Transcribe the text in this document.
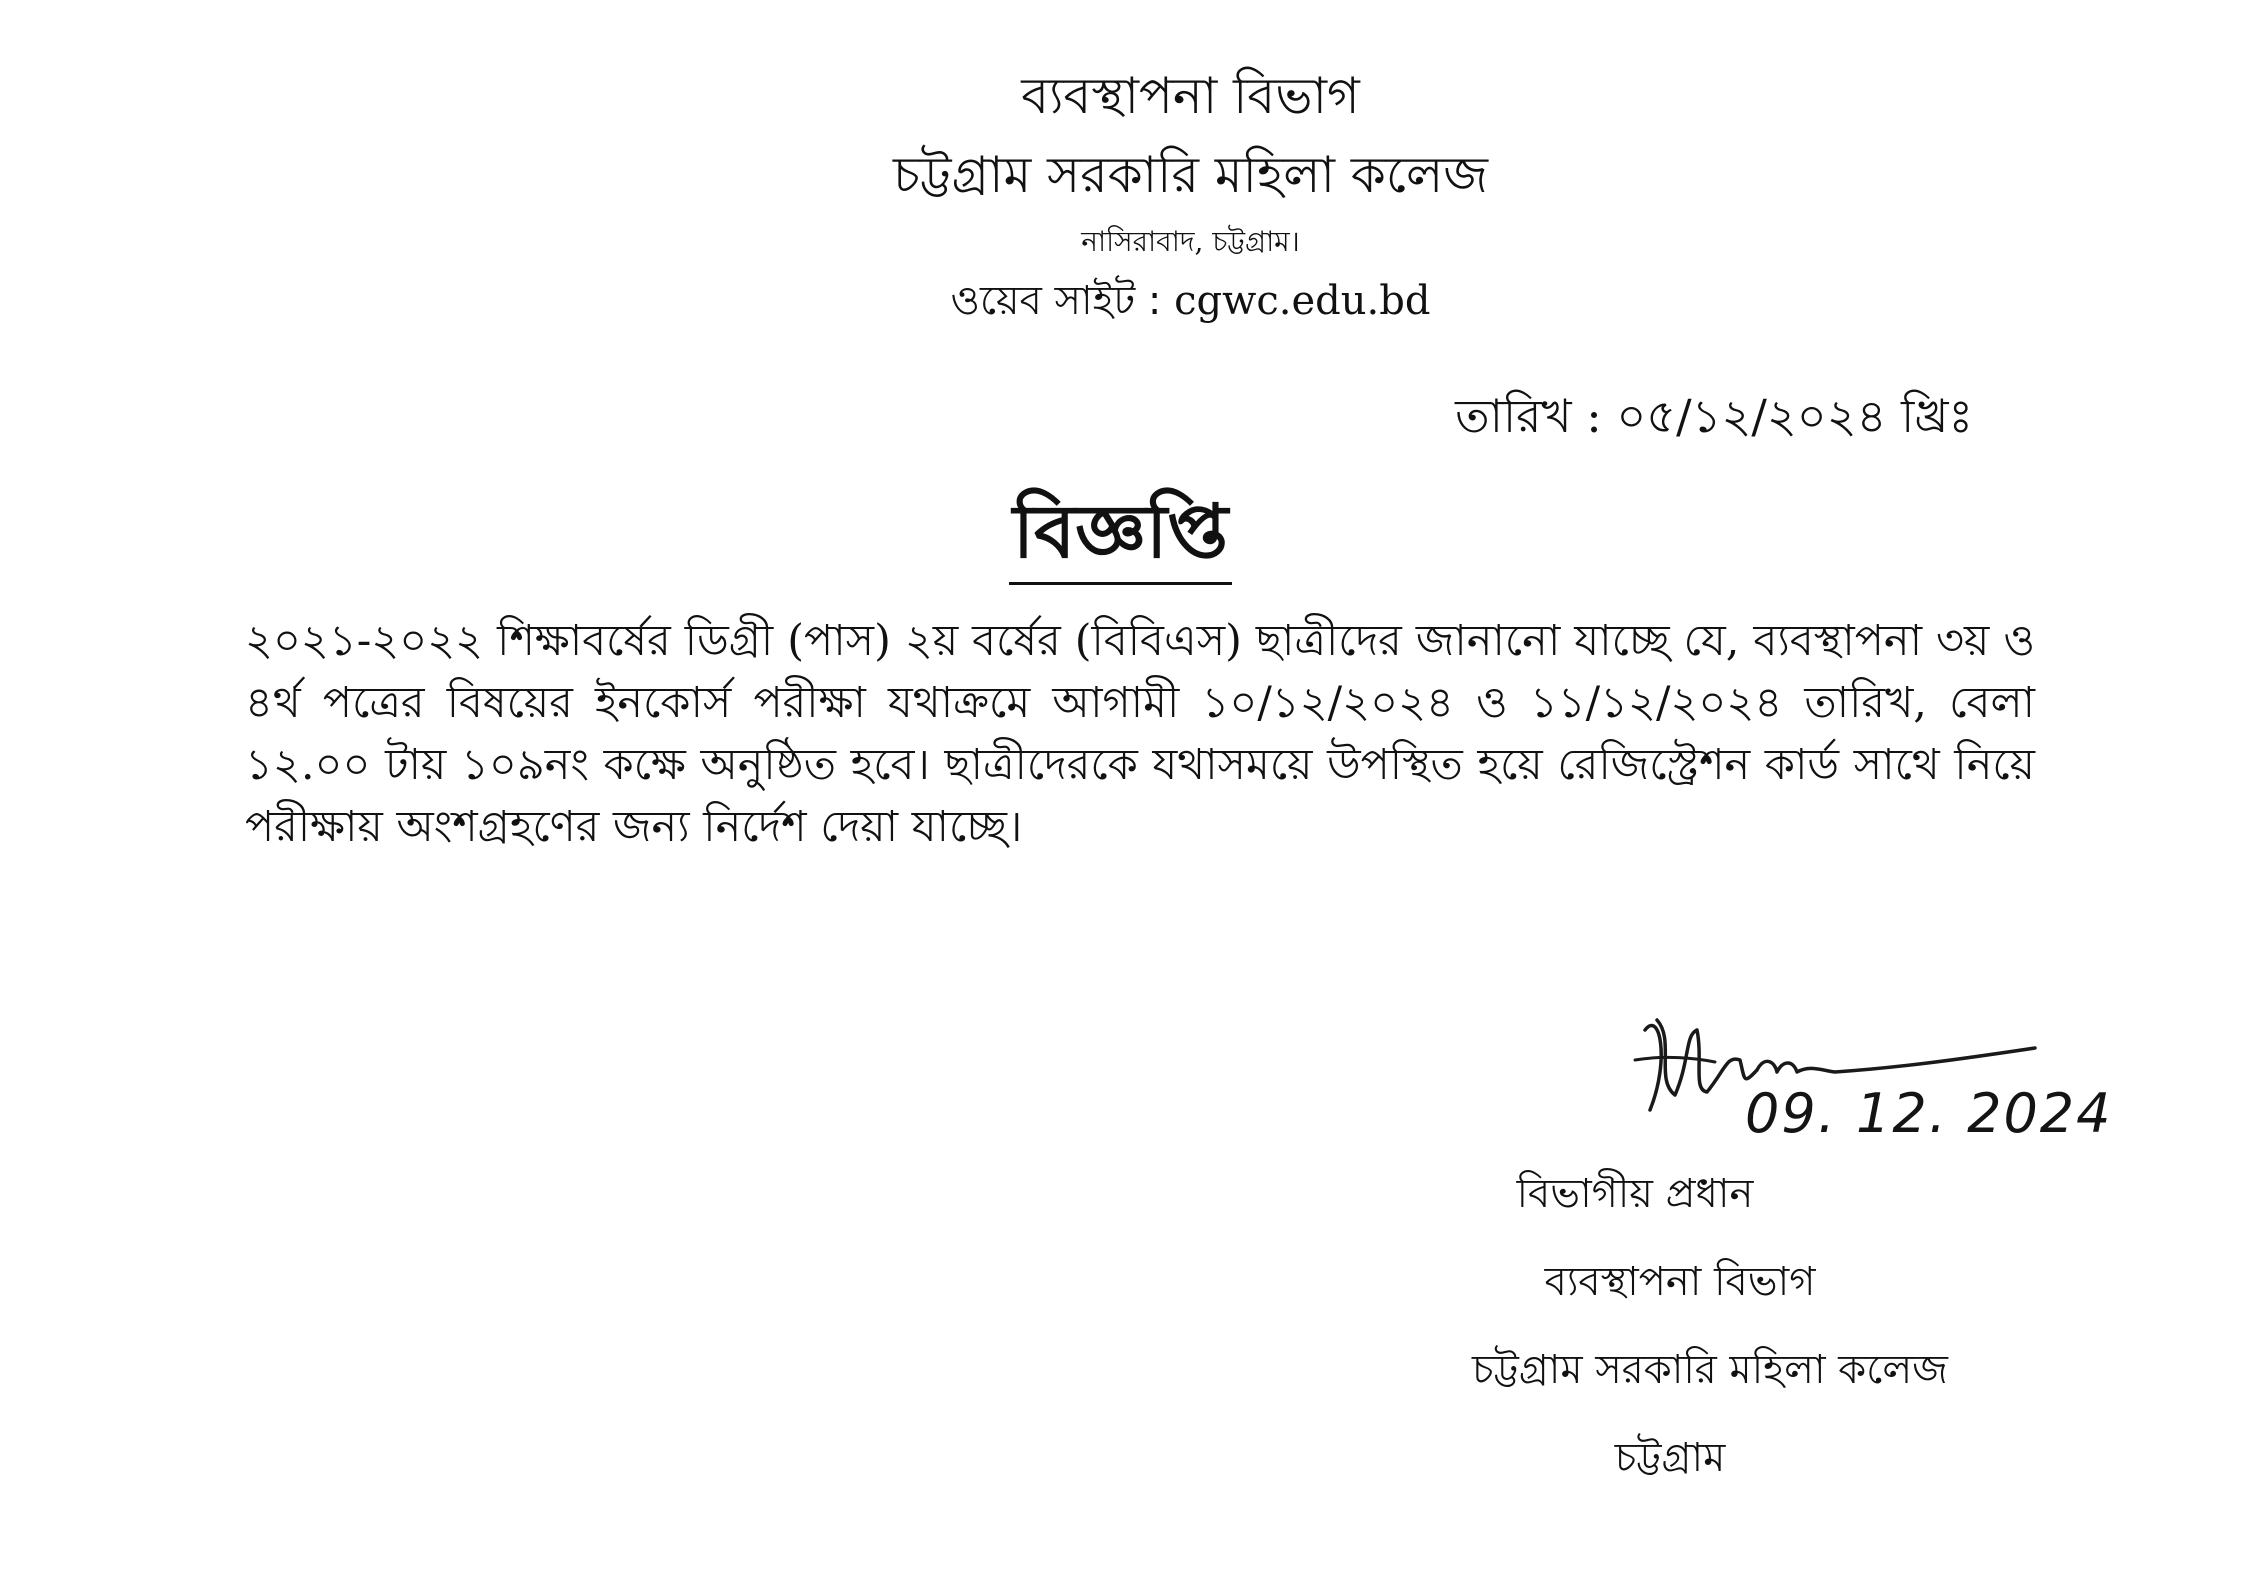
ব্যবস্থাপনা বিভাগ
চট্টগ্রাম সরকারি মহিলা কলেজ
নাসিরাবাদ, চট্টগ্রাম।
ওয়েব সাইট : cgwc.edu.bd
তারিখ : ০৫/১২/২০২৪ খ্রিঃ
বিজ্ঞপ্তি
২০২১-২০২২ শিক্ষাবর্ষের ডিগ্রী (পাস) ২য় বর্ষের (বিবিএস) ছাত্রীদের জানানো যাচ্ছে যে, ব্যবস্থাপনা ৩য় ও ৪র্থ পত্রের বিষয়ের ইনকোর্স পরীক্ষা যথাক্রমে আগামী ১০/১২/২০২৪ ও ১১/১২/২০২৪ তারিখ, বেলা ১২.০০ টায় ১০৯নং কক্ষে অনুষ্ঠিত হবে। ছাত্রীদেরকে যথাসময়ে উপস্থিত হয়ে রেজিস্ট্রেশন কার্ড সাথে নিয়ে পরীক্ষায় অংশগ্রহণের জন্য নির্দেশ দেয়া যাচ্ছে।
09. 12. 2024
বিভাগীয় প্রধান
ব্যবস্থাপনা বিভাগ
চট্টগ্রাম সরকারি মহিলা কলেজ
চট্টগ্রাম
